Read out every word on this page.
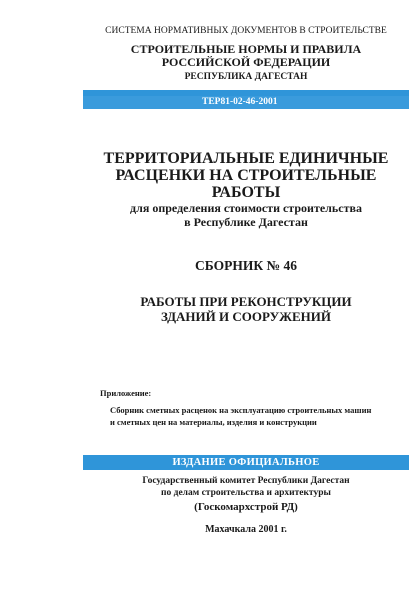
СИСТЕМА НОРМАТИВНЫХ ДОКУМЕНТОВ В СТРОИТЕЛЬСТВЕ
СТРОИТЕЛЬНЫЕ НОРМЫ И ПРАВИЛА
РОССИЙСКОЙ ФЕДЕРАЦИИ
РЕСПУБЛИКА ДАГЕСТАН
ТЕР81-02-46-2001
ТЕРРИТОРИАЛЬНЫЕ ЕДИНИЧНЫЕ
РАСЦЕНКИ НА СТРОИТЕЛЬНЫЕ
РАБОТЫ
для определения стоимости строительства
в Республике Дагестан
СБОРНИК № 46
РАБОТЫ ПРИ РЕКОНСТРУКЦИИ
ЗДАНИЙ И СООРУЖЕНИЙ
Приложение:
Сборник сметных расценок на эксплуатацию строительных машин
и сметных цен на материалы, изделия и конструкции
ИЗДАНИЕ ОФИЦИАЛЬНОЕ
Государственный комитет Республики Дагестан
по делам строительства и архитектуры
(Госкомархстрой РД)
Махачкала 2001 г.
